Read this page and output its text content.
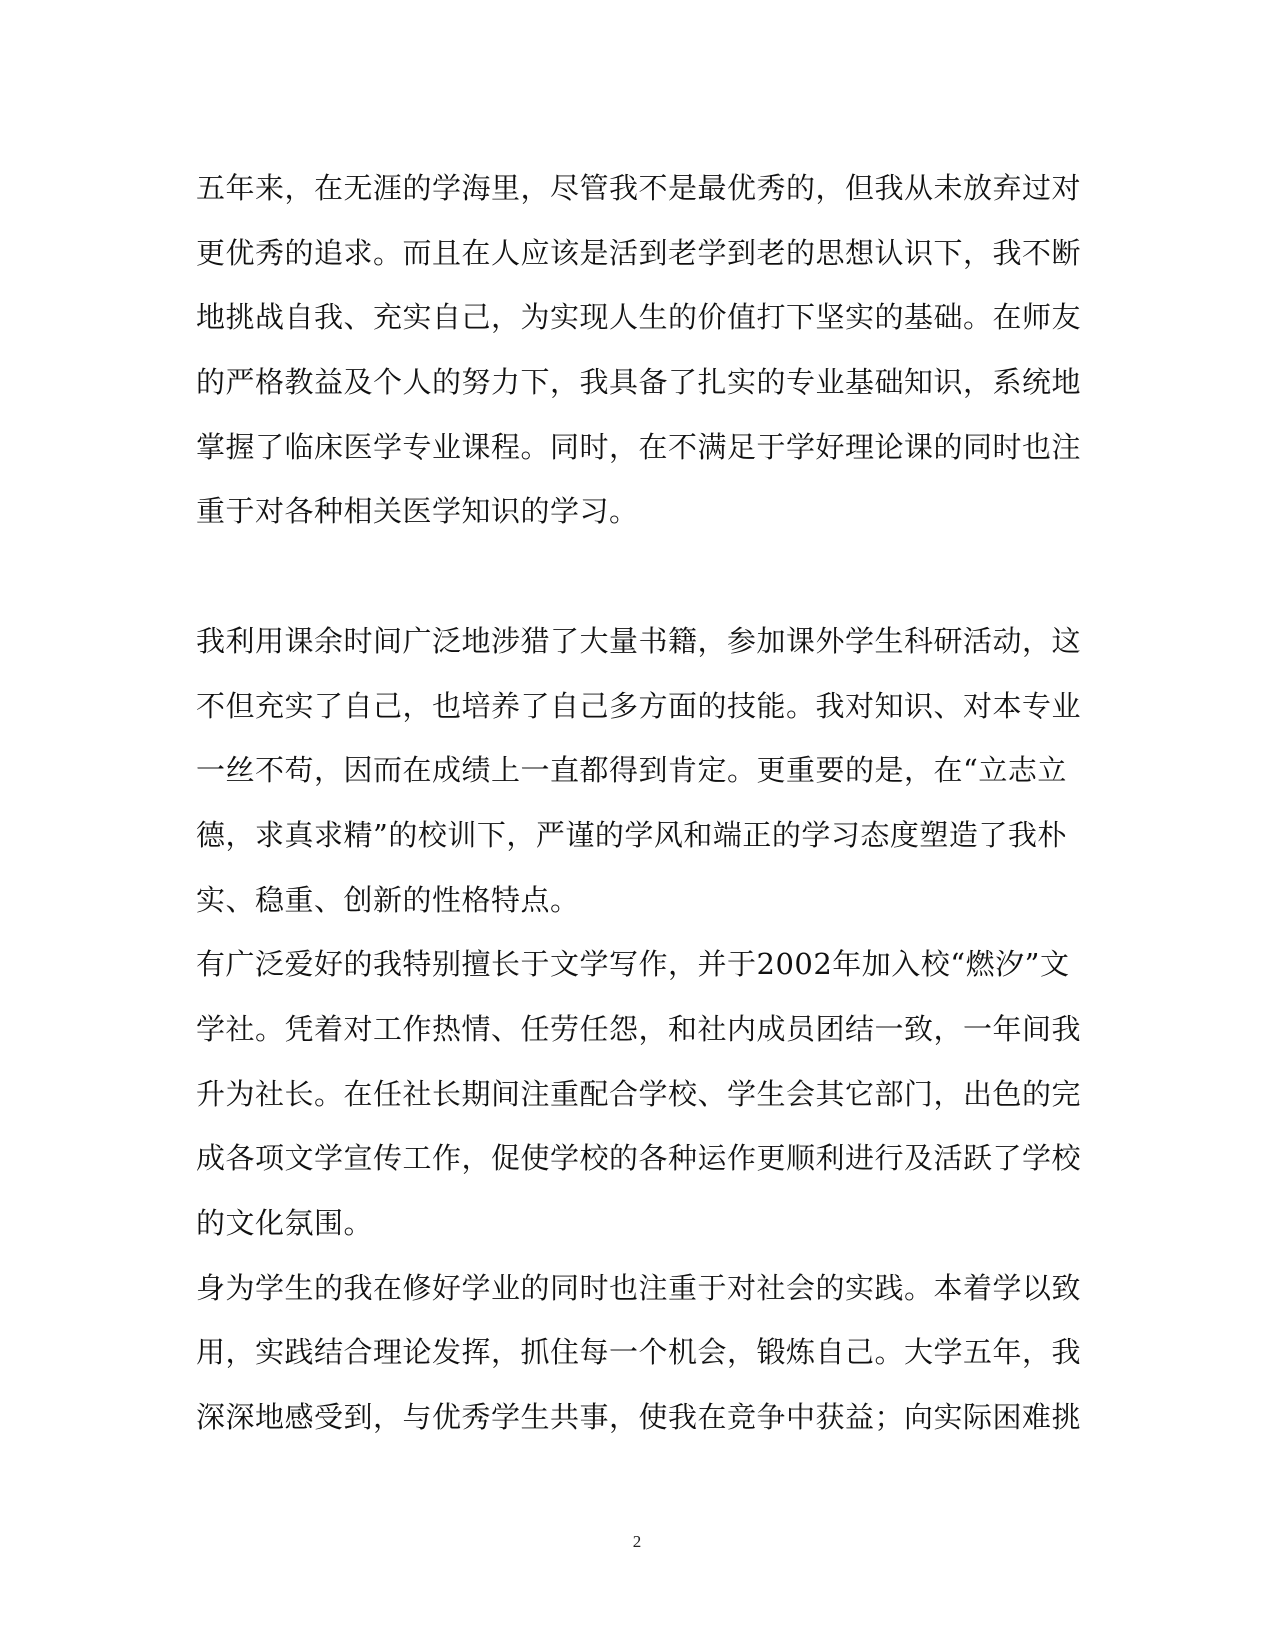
五年来，在无涯的学海里，尽管我不是最优秀的，但我从未放弃过对
更优秀的追求。而且在人应该是活到老学到老的思想认识下，我不断
地挑战自我、充实自己，为实现人生的价值打下坚实的基础。在师友
的严格教益及个人的努力下，我具备了扎实的专业基础知识，系统地
掌握了临床医学专业课程。同时，在不满足于学好理论课的同时也注
重于对各种相关医学知识的学习。
我利用课余时间广泛地涉猎了大量书籍，参加课外学生科研活动，这
不但充实了自己，也培养了自己多方面的技能。我对知识、对本专业
一丝不苟，因而在成绩上一直都得到肯定。更重要的是，在“立志立
德，求真求精”的校训下，严谨的学风和端正的学习态度塑造了我朴
实、稳重、创新的性格特点。
有广泛爱好的我特别擅长于文学写作，并于2002年加入校“燃汐”文
学社。凭着对工作热情、任劳任怨，和社内成员团结一致，一年间我
升为社长。在任社长期间注重配合学校、学生会其它部门，出色的完
成各项文学宣传工作，促使学校的各种运作更顺利进行及活跃了学校
的文化氛围。
身为学生的我在修好学业的同时也注重于对社会的实践。本着学以致
用，实践结合理论发挥，抓住每一个机会，锻炼自己。大学五年，我
深深地感受到，与优秀学生共事，使我在竞争中获益；向实际困难挑
2
